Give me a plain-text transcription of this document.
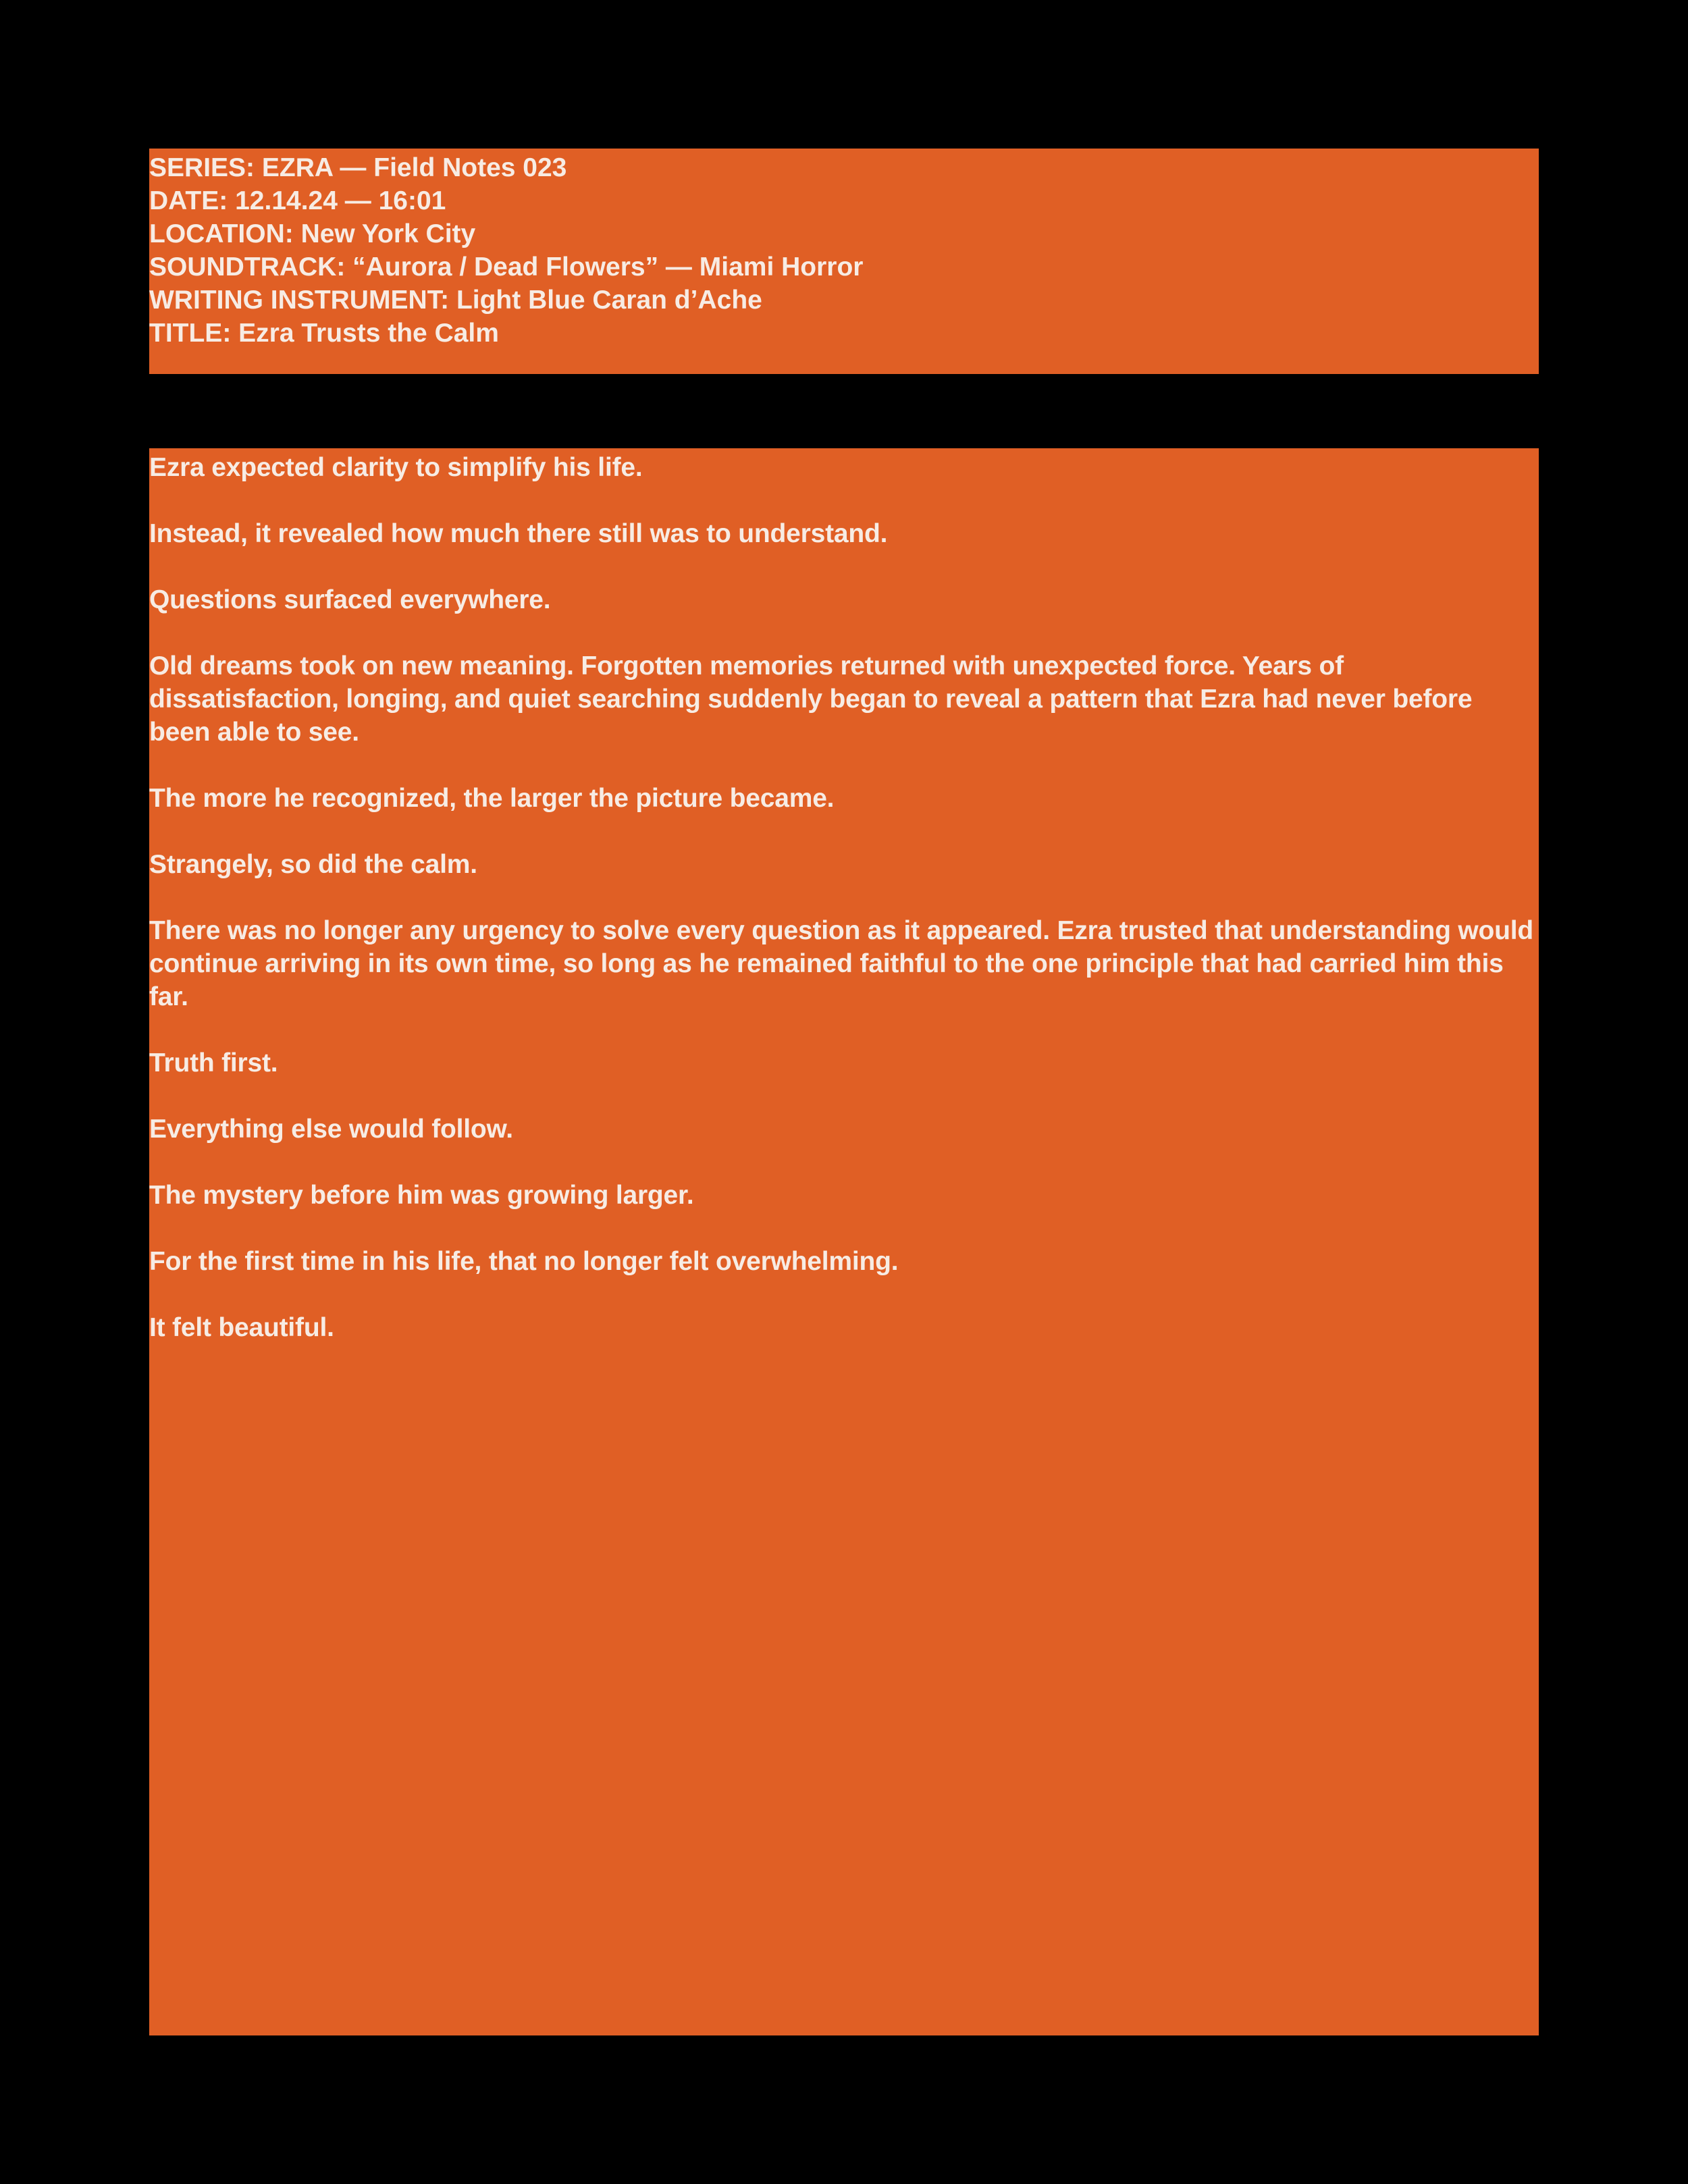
SERIES: EZRA — Field Notes 023
DATE: 12.14.24 — 16:01
LOCATION: New York City
SOUNDTRACK: “Aurora / Dead Flowers” — Miami Horror
WRITING INSTRUMENT: Light Blue Caran d’Ache
TITLE: Ezra Trusts the Calm

Ezra expected clarity to simplify his life.

Instead, it revealed how much there still was to understand.

Questions surfaced everywhere.

Old dreams took on new meaning. Forgotten memories returned with unexpected force. Years of dissatisfaction, longing, and quiet searching suddenly began to reveal a pattern that Ezra had never before been able to see.

The more he recognized, the larger the picture became.

Strangely, so did the calm.

There was no longer any urgency to solve every question as it appeared. Ezra trusted that understanding would continue arriving in its own time, so long as he remained faithful to the one principle that had carried him this far.

Truth first.

Everything else would follow.

The mystery before him was growing larger.

For the first time in his life, that no longer felt overwhelming.

It felt beautiful.
